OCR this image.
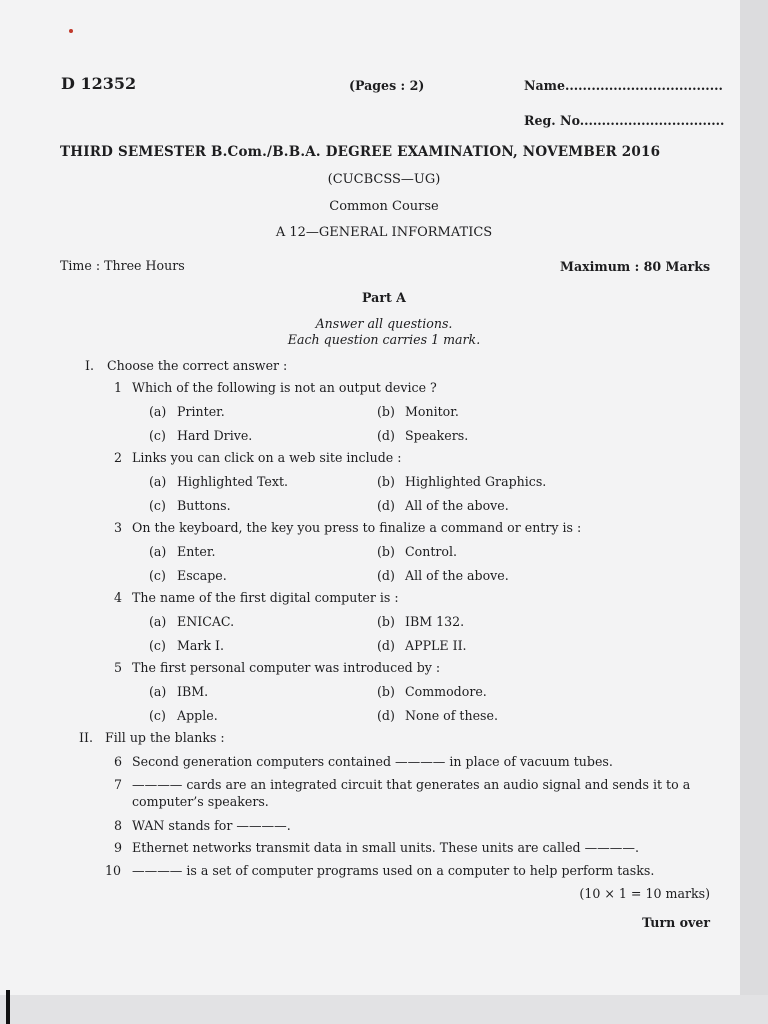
D 12352	(Pages : 2)	Name....................................
Reg. No.................................
THIRD SEMESTER B.Com./B.B.A. DEGREE EXAMINATION, NOVEMBER 2016
(CUCBCSS—UG)
Common Course
A 12—GENERAL INFORMATICS
Time : Three Hours	Maximum : 80 Marks
Part A
Answer all questions.
Each question carries 1 mark.
I. Choose the correct answer :
1 Which of the following is not an output device ?
(a) Printer.	(b) Monitor.
(c) Hard Drive.	(d) Speakers.
2 Links you can click on a web site include :
(a) Highlighted Text.	(b) Highlighted Graphics.
(c) Buttons.	(d) All of the above.
3 On the keyboard, the key you press to finalize a command or entry is :
(a) Enter.	(b) Control.
(c) Escape.	(d) All of the above.
4 The name of the first digital computer is :
(a) ENICAC.	(b) IBM 132.
(c) Mark I.	(d) APPLE II.
5 The first personal computer was introduced by :
(a) IBM.	(b) Commodore.
(c) Apple.	(d) None of these.
II. Fill up the blanks :
6 Second generation computers contained ———— in place of vacuum tubes.
7 ———— cards are an integrated circuit that generates an audio signal and sends it to a
computer’s speakers.
8 WAN stands for ————.
9 Ethernet networks transmit data in small units. These units are called ————.
10 ———— is a set of computer programs used on a computer to help perform tasks.
(10 × 1 = 10 marks)
Turn over
